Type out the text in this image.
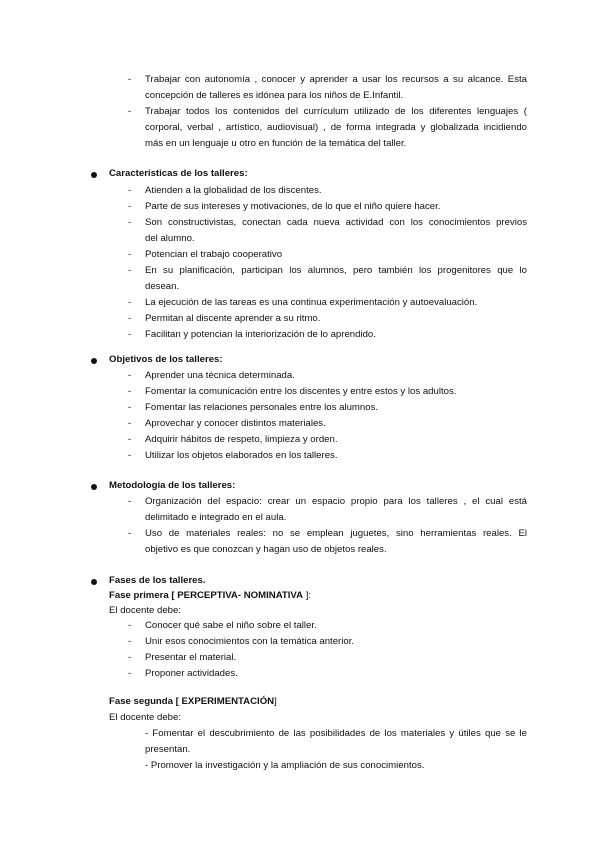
-
Trabajar con autonomía , conocer y aprender a usar los recursos a su alcance. Esta
concepción de talleres es idónea para los niños de E.Infantil.
-
Trabajar todos los contenidos del currículum utilizado de los diferentes lenguajes (
corporal, verbal , artístico, audiovisual) , de forma integrada y globalizada incidiendo
más en un lenguaje u otro en función de la temática del taller.
Características de los talleres:
-
Atienden a la globalidad de los discentes.
-
Parte de sus intereses y motivaciones, de lo que el niño quiere hacer.
-
Son constructivistas, conectan cada nueva actividad con los conocimientos previos
del alumno.
-
Potencian el trabajo cooperativo
-
En su planificación, participan los alumnos, pero también los progenitores que lo
desean.
-
La ejecución de las tareas es una continua experimentación y autoevaluación.
-
Permitan al discente aprender a su ritmo.
-
Facilitan y potencian la interiorización de lo aprendido.
Objetivos de los talleres:
-
Aprender una técnica determinada.
-
Fomentar la comunicación entre los discentes y entre estos y los adultos.
-
Fomentar las relaciones personales entre los alumnos.
-
Aprovechar y conocer distintos materiales.
-
Adquirir hábitos de respeto, limpieza y orden.
-
Utilizar los objetos elaborados en los talleres.
Metodología de los talleres:
-
Organización del espacio: crear un espacio propio para los talleres , el cual está
delimitado e integrado en el aula.
-
Uso de materiales reales: no se emplean juguetes, sino herramientas reales. El
objetivo es que conozcan y hagan uso de objetos reales.
Fases de los talleres.
Fase primera [ PERCEPTIVA- NOMINATIVA ]:
El docente debe:
-
Conocer qué sabe el niño sobre el taller.
-
Unir esos conocimientos con la temática anterior.
-
Presentar el material.
-
Proponer actividades.
Fase segunda [ EXPERIMENTACIÓN]
El docente debe:
- Fomentar el descubrimiento de las posibilidades de los materiales y útiles que se le
presentan.
- Promover la investigación y la ampliación de sus conocimientos.
